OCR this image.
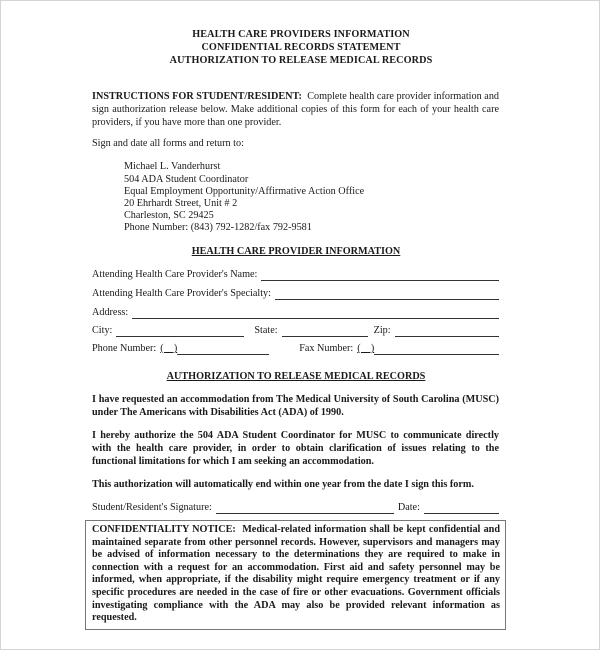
HEALTH CARE PROVIDERS INFORMATION
CONFIDENTIAL RECORDS STATEMENT
AUTHORIZATION TO RELEASE MEDICAL RECORDS
INSTRUCTIONS FOR STUDENT/RESIDENT: Complete health care provider information and sign authorization release below. Make additional copies of this form for each of your health care providers, if you have more than one provider.
Sign and date all forms and return to:
Michael L. Vanderhurst
504 ADA Student Coordinator
Equal Employment Opportunity/Affirmative Action Office
20 Ehrhardt Street, Unit # 2
Charleston, SC 29425
Phone Number: (843) 792-1282/fax 792-9581
HEALTH CARE PROVIDER INFORMATION
Attending Health Care Provider's Name:
Attending Health Care Provider's Specialty:
Address:
City:	State:	Zip:
Phone Number: (    )	Fax Number: (    )
AUTHORIZATION TO RELEASE MEDICAL RECORDS
I have requested an accommodation from The Medical University of South Carolina (MUSC) under The Americans with Disabilities Act (ADA) of 1990.
I hereby authorize the 504 ADA Student Coordinator for MUSC to communicate directly with the health care provider, in order to obtain clarification of issues relating to the functional limitations for which I am seeking an accommodation.
This authorization will automatically end within one year from the date I sign this form.
Student/Resident's Signature:	Date:
CONFIDENTIALITY NOTICE: Medical-related information shall be kept confidential and maintained separate from other personnel records. However, supervisors and managers may be advised of information necessary to the determinations they are required to make in connection with a request for an accommodation. First aid and safety personnel may be informed, when appropriate, if the disability might require emergency treatment or if any specific procedures are needed in the case of fire or other evacuations. Government officials investigating compliance with the ADA may also be provided relevant information as requested.
